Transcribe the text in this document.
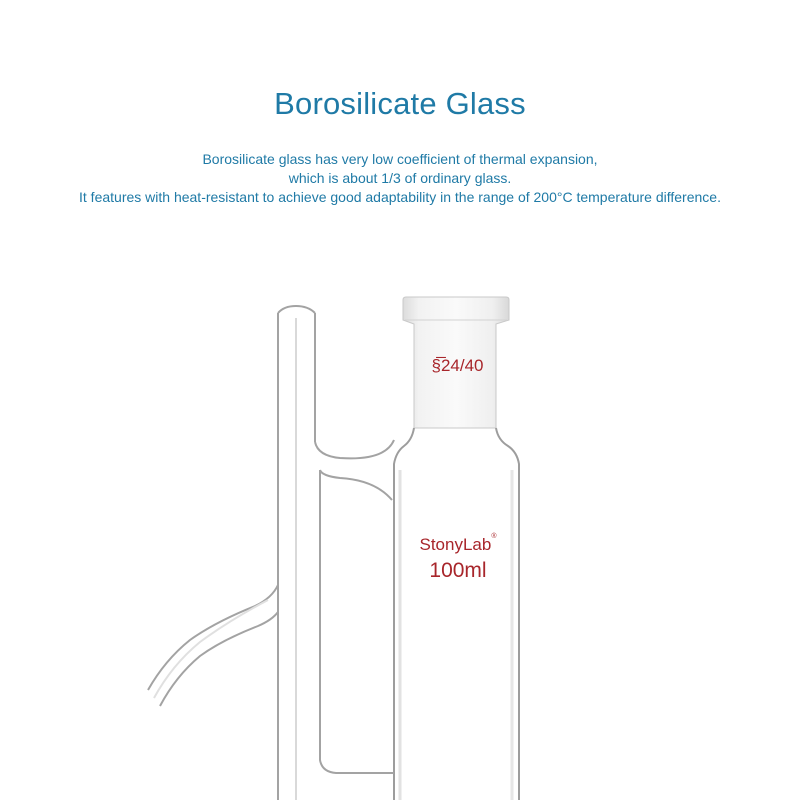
Borosilicate Glass
Borosilicate glass has very low coefficient of thermal expansion,
which is about 1/3 of ordinary glass.
It features with heat-resistant to achieve good adaptability in the range of 200°C temperature difference.
§̅24/40
StonyLab®
100ml
